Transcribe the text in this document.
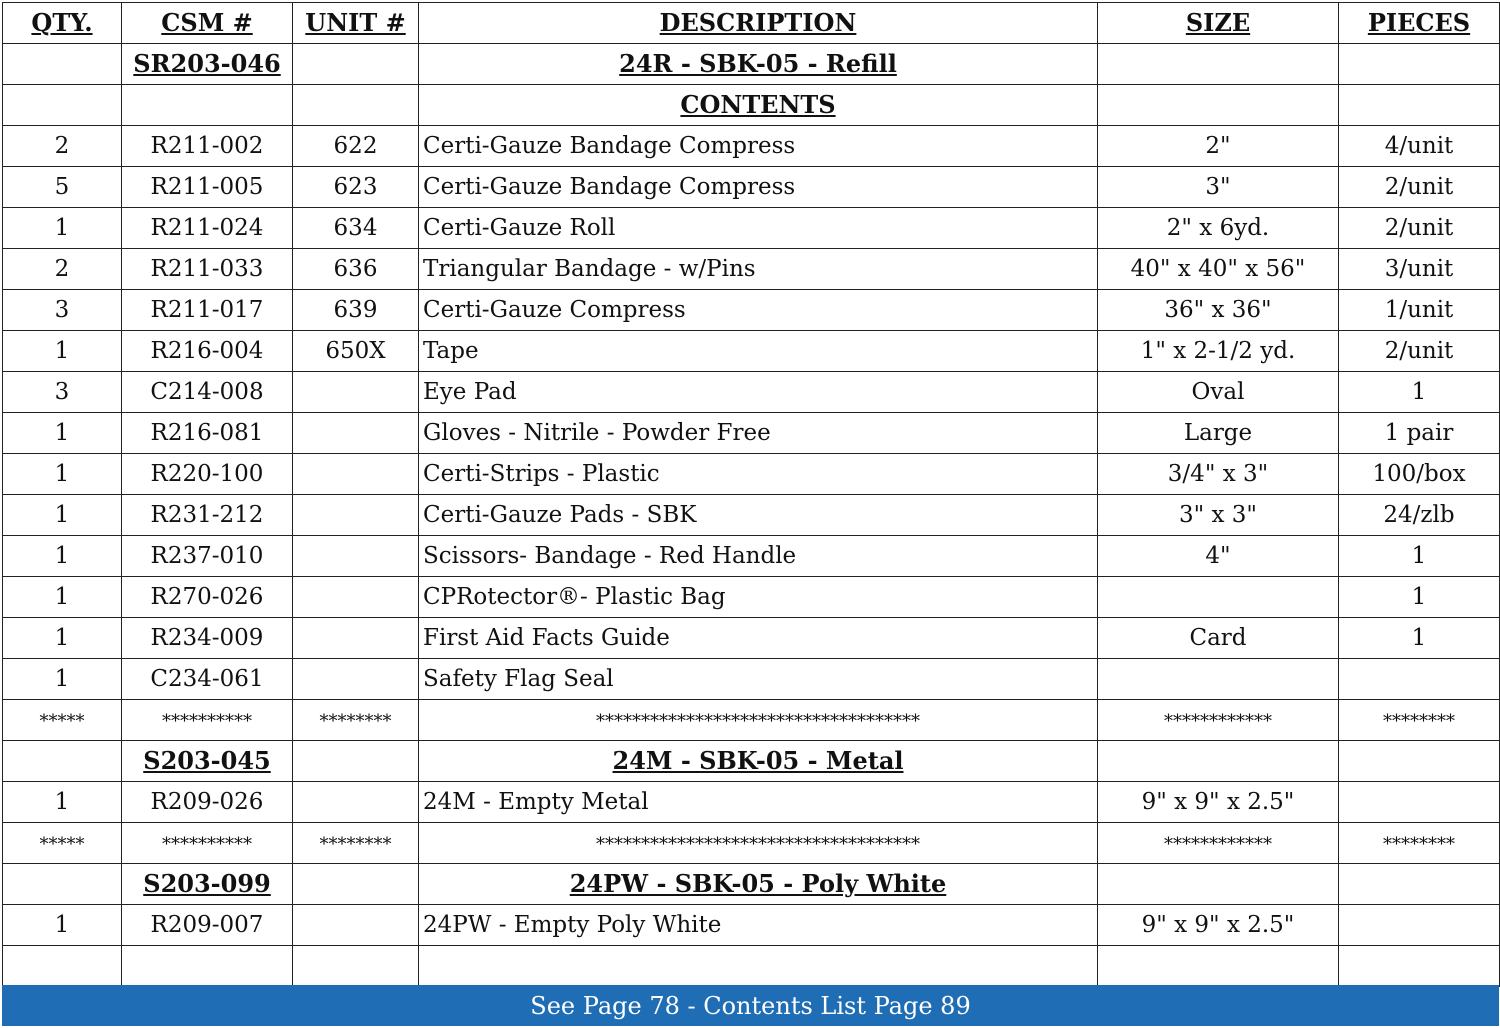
QTY.	CSM #	UNIT #	DESCRIPTION	SIZE	PIECES
	SR203-046		24R - SBK-05 - Refill		
			CONTENTS		
2	R211-002	622	Certi-Gauze Bandage Compress	2"	4/unit
5	R211-005	623	Certi-Gauze Bandage Compress	3"	2/unit
1	R211-024	634	Certi-Gauze Roll	2" x 6yd.	2/unit
2	R211-033	636	Triangular Bandage - w/Pins	40" x 40" x 56"	3/unit
3	R211-017	639	Certi-Gauze Compress	36" x 36"	1/unit
1	R216-004	650X	Tape	1" x 2-1/2 yd.	2/unit
3	C214-008		Eye Pad	Oval	1
1	R216-081		Gloves - Nitrile - Powder Free	Large	1 pair
1	R220-100		Certi-Strips - Plastic	3/4" x 3"	100/box
1	R231-212		Certi-Gauze Pads - SBK	3" x 3"	24/zlb
1	R237-010		Scissors- Bandage - Red Handle	4"	1
1	R270-026		CPRotector®- Plastic Bag		1
1	R234-009		First Aid Facts Guide	Card	1
1	C234-061		Safety Flag Seal		
*****	**********	********	************************************	************	********
	S203-045		24M - SBK-05 - Metal		
1	R209-026		24M - Empty Metal	9" x 9" x 2.5"	
*****	**********	********	************************************	************	********
	S203-099		24PW - SBK-05 - Poly White		
1	R209-007		24PW - Empty Poly White	9" x 9" x 2.5"	

See Page 78 - Contents List Page 89
